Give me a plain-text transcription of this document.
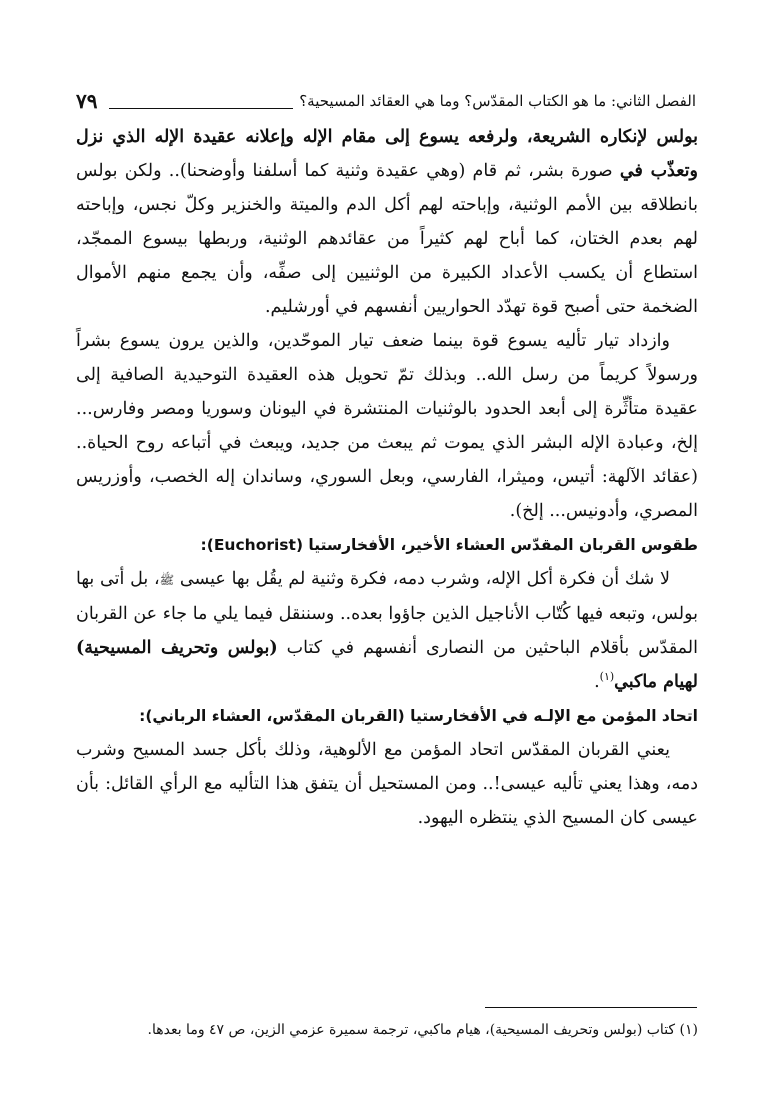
٧٩	الفصل الثاني: ما هو الكتاب المقدّس؟ وما هي العقائد المسيحية؟

بولس لإنكاره الشريعة، ولرفعه يسوع إلى مقام الإله وإعلانه عقيدة الإله الذي نزل وتعذّب في صورة بشر، ثم قام (وهي عقيدة وثنية كما أسلفنا وأوضحنا).. ولكن بولس بانطلاقه بين الأمم الوثنية، وإباحته لهم أكل الدم والميتة والخنزير وكلّ نجس، وإباحته لهم بعدم الختان، كما أباح لهم كثيراً من عقائدهم الوثنية، وربطها بيسوع الممجّد، استطاع أن يكسب الأعداد الكبيرة من الوثنيين إلى صفِّه، وأن يجمع منهم الأموال الضخمة حتى أصبح قوة تهدّد الحواريين أنفسهم في أورشليم.

وازداد تيار تأليه يسوع قوة بينما ضعف تيار الموحّدين، والذين يرون يسوع بشراً ورسولاً كريماً من رسل الله.. وبذلك تمّ تحويل هذه العقيدة التوحيدية الصافية إلى عقيدة متأثِّرة إلى أبعد الحدود بالوثنيات المنتشرة في اليونان وسوريا ومصر وفارس... إلخ، وعبادة الإله البشر الذي يموت ثم يبعث من جديد، ويبعث في أتباعه روح الحياة.. (عقائد الآلهة: أتيس، وميثرا، الفارسي، وبعل السوري، وساندان إله الخصب، وأوزريس المصري، وأدونيس... إلخ).

طقوس القربان المقدّس العشاء الأخير، الأفخارستيا (Euchorist):

لا شك أن فكرة أكل الإله، وشرب دمه، فكرة وثنية لم يقُل بها عيسى ﷺ، بل أتى بها بولس، وتبعه فيها كُتّاب الأناجيل الذين جاؤوا بعده.. وسننقل فيما يلي ما جاء عن القربان المقدّس بأقلام الباحثين من النصارى أنفسهم في كتاب (بولس وتحريف المسيحية) لهيام ماكبي$^{(١)}$.

اتحاد المؤمن مع الإلـه في الأفخارستيا (القربان المقدّس، العشاء الرباني):

يعني القربان المقدّس اتحاد المؤمن مع الألوهية، وذلك بأكل جسد المسيح وشرب دمه، وهذا يعني تأليه عيسى!.. ومن المستحيل أن يتفق هذا التأليه مع الرأي القائل: بأن عيسى كان المسيح الذي ينتظره اليهود.

(١) كتاب (بولس وتحريف المسيحية)، هيام ماكبي، ترجمة سميرة عزمي الزين، ص ٤٧ وما بعدها.
